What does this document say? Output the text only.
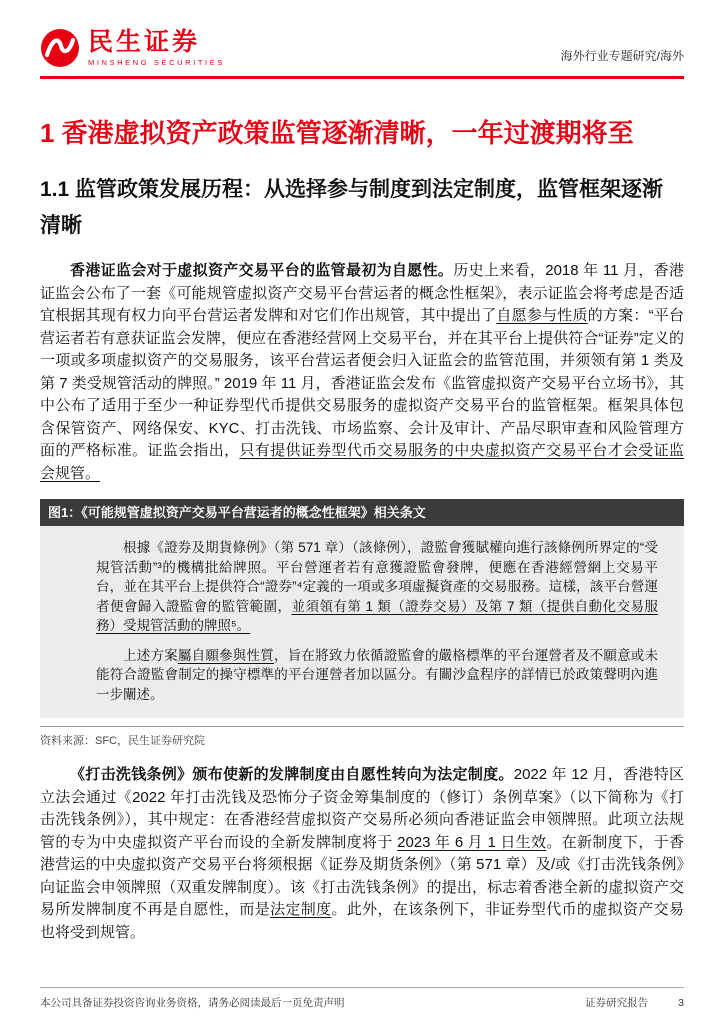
民生证券
MINSHENG SECURITIES	海外行业专题研究/海外
1 香港虚拟资产政策监管逐渐清晰，一年过渡期将至
1.1 监管政策发展历程：从选择参与制度到法定制度，监管框架逐渐清晰

香港证监会对于虚拟资产交易平台的监管最初为自愿性。历史上来看，2018 年 11 月，香港证监会公布了一套《可能规管虚拟资产交易平台营运者的概念性框架》，表示证监会将考虑是否适宜根据其现有权力向平台营运者发牌和对它们作出规管，其中提出了自愿参与性质的方案：“平台营运者若有意获证监会发牌，便应在香港经营网上交易平台，并在其平台上提供符合“证券”定义的一项或多项虚拟资产的交易服务，该平台营运者便会归入证监会的监管范围，并须领有第 1 类及第 7 类受规管活动的牌照。” 2019 年 11 月，香港证监会发布《监管虚拟资产交易平台立场书》，其中公布了适用于至少一种证券型代币提供交易服务的虚拟资产交易平台的监管框架。框架具体包含保管资产、网络保安、KYC、打击洗钱、市场监察、会计及审计、产品尽职审查和风险管理方面的严格标准。证监会指出，只有提供证券型代币交易服务的中央虚拟资产交易平台才会受证监会规管。

图1：《可能规管虚拟资产交易平台营运者的概念性框架》相关条文

根據《證券及期貨條例》（第 571 章）（該條例），證監會獲賦權向進行該條例所界定的“受規管活動”³的機構批給牌照。平台營運者若有意獲證監會發牌，便應在香港經營網上交易平台，並在其平台上提供符合“證券”⁴定義的一項或多項虛擬資產的交易服務。這樣，該平台營運者便會歸入證監會的監管範圍，並須領有第 1 類（證券交易）及第 7 類（提供自動化交易服務）受規管活動的牌照⁵。

上述方案屬自願參與性質，旨在將致力依循證監會的嚴格標準的平台運營者及不願意或未能符合證監會制定的操守標準的平台運營者加以區分。有關沙盒程序的詳情已於政策聲明內進一步闡述。

资料来源：SFC，民生证券研究院

《打击洗钱条例》颁布使新的发牌制度由自愿性转向为法定制度。2022 年 12 月，香港特区立法会通过《2022 年打击洗钱及恐怖分子资金筹集制度的（修订）条例草案》（以下简称为《打击洗钱条例》），其中规定：在香港经营虚拟资产交易所必须向香港证监会申领牌照。此项立法规管的专为中央虚拟资产平台而设的全新发牌制度将于 2023 年 6 月 1 日生效。在新制度下，于香港营运的中央虚拟资产交易平台将须根据《证券及期货条例》（第 571 章）及/或《打击洗钱条例》向证监会申领牌照（双重发牌制度）。该《打击洗钱条例》的提出，标志着香港全新的虚拟资产交易所发牌制度不再是自愿性，而是法定制度。此外，在该条例下，非证券型代币的虚拟资产交易也将受到规管。

本公司具备证券投资咨询业务资格，请务必阅读最后一页免责声明	证券研究报告	3
